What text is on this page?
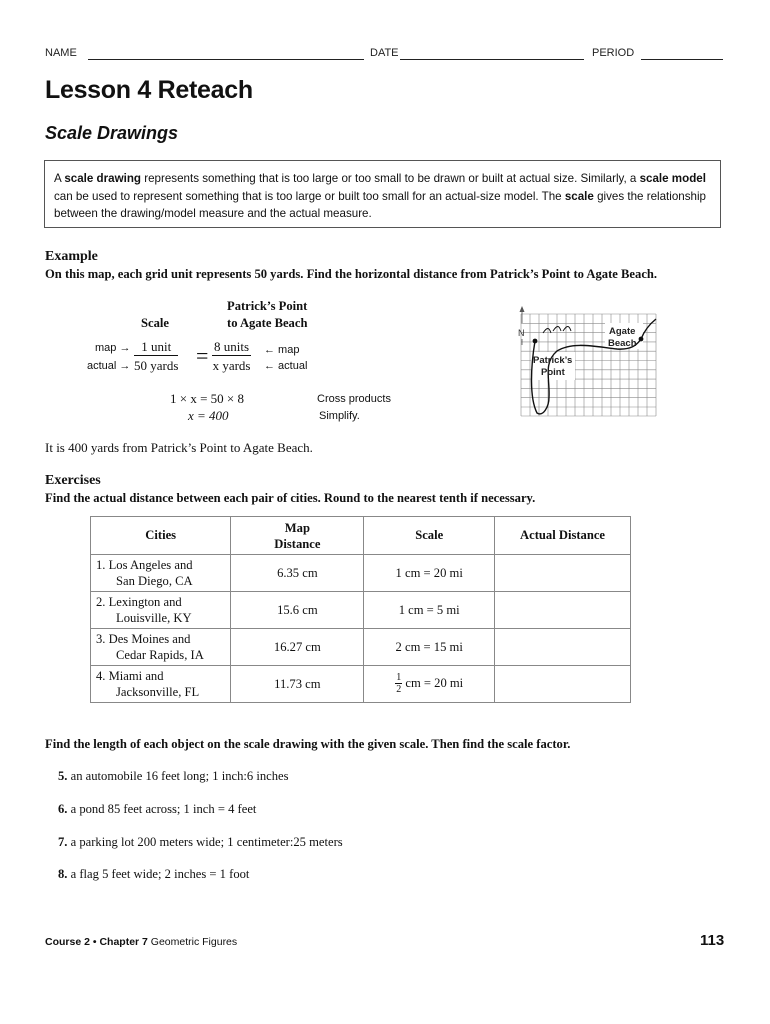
NAME	DATE	PERIOD
Lesson 4 Reteach
Scale Drawings
A scale drawing represents something that is too large or too small to be drawn or built at actual size. Similarly, a scale model can be used to represent something that is too large or built too small for an actual-size model. The scale gives the relationship between the drawing/model measure and the actual measure.
Example
On this map, each grid unit represents 50 yards. Find the horizontal distance from Patrick’s Point to Agate Beach.
Scale
Patrick’s Point
to Agate Beach
map →
actual →
1 unit
50 yards = 8 units
x yards
← map
← actual
1 × x = 50 × 8
x = 400
Cross products
Simplify.
N	Agate
Beach
Patrick’s
Point
It is 400 yards from Patrick’s Point to Agate Beach.
Exercises
Find the actual distance between each pair of cities. Round to the nearest tenth if necessary.
Cities	Map
Distance	Scale	Actual Distance
1. Los Angeles and
San Diego, CA	6.35 cm	1 cm = 20 mi	
2. Lexington and
Louisville, KY	15.6 cm	1 cm = 5 mi	
3. Des Moines and
Cedar Rapids, IA	16.27 cm	2 cm = 15 mi	
4. Miami and
Jacksonville, FL	11.73 cm	$\frac{1}{2}$ cm = 20 mi	
Find the length of each object on the scale drawing with the given scale. Then find the scale factor.
5. an automobile 16 feet long; 1 inch:6 inches
6. a pond 85 feet across; 1 inch = 4 feet
7. a parking lot 200 meters wide; 1 centimeter:25 meters
8. a flag 5 feet wide; 2 inches = 1 foot
Course 2 • Chapter 7 Geometric Figures	113
